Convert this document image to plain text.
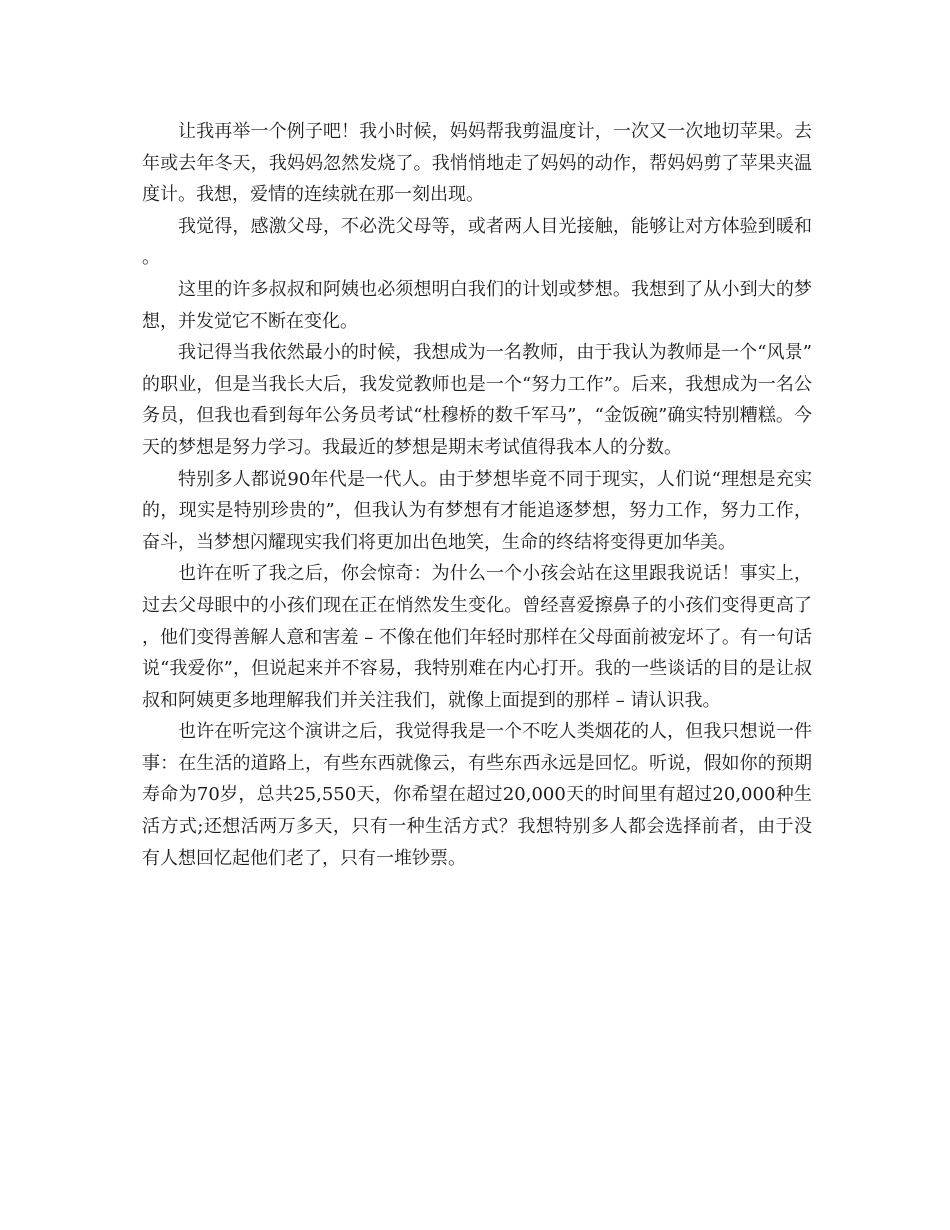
让我再举一个例子吧！我小时候，妈妈帮我剪温度计，一次又一次地切苹果。去年或去年冬天，我妈妈忽然发烧了。我悄悄地走了妈妈的动作，帮妈妈剪了苹果夹温度计。我想，爱情的连续就在那一刻出现。

我觉得，感激父母，不必洗父母等，或者两人目光接触，能够让对方体验到暖和。

这里的许多叔叔和阿姨也必须想明白我们的计划或梦想。我想到了从小到大的梦想，并发觉它不断在变化。

我记得当我依然最小的时候，我想成为一名教师，由于我认为教师是一个“风景”的职业，但是当我长大后，我发觉教师也是一个“努力工作”。后来，我想成为一名公务员，但我也看到每年公务员考试“杜穆桥的数千军马”，“金饭碗”确实特别糟糕。今天的梦想是努力学习。我最近的梦想是期末考试值得我本人的分数。

特别多人都说90年代是一代人。由于梦想毕竟不同于现实，人们说“理想是充实的，现实是特别珍贵的”，但我认为有梦想有才能追逐梦想，努力工作，努力工作，奋斗，当梦想闪耀现实我们将更加出色地笑，生命的终结将变得更加华美。

也许在听了我之后，你会惊奇：为什么一个小孩会站在这里跟我说话！事实上，过去父母眼中的小孩们现在正在悄然发生变化。曾经喜爱擦鼻子的小孩们变得更高了，他们变得善解人意和害羞 – 不像在他们年轻时那样在父母面前被宠坏了。有一句话说“我爱你”，但说起来并不容易，我特别难在内心打开。我的一些谈话的目的是让叔叔和阿姨更多地理解我们并关注我们，就像上面提到的那样 – 请认识我。

也许在听完这个演讲之后，我觉得我是一个不吃人类烟花的人，但我只想说一件事：在生活的道路上，有些东西就像云，有些东西永远是回忆。听说，假如你的预期寿命为70岁，总共25,550天，你希望在超过20,000天的时间里有超过20,000种生活方式;还想活两万多天，只有一种生活方式？我想特别多人都会选择前者，由于没有人想回忆起他们老了，只有一堆钞票。
